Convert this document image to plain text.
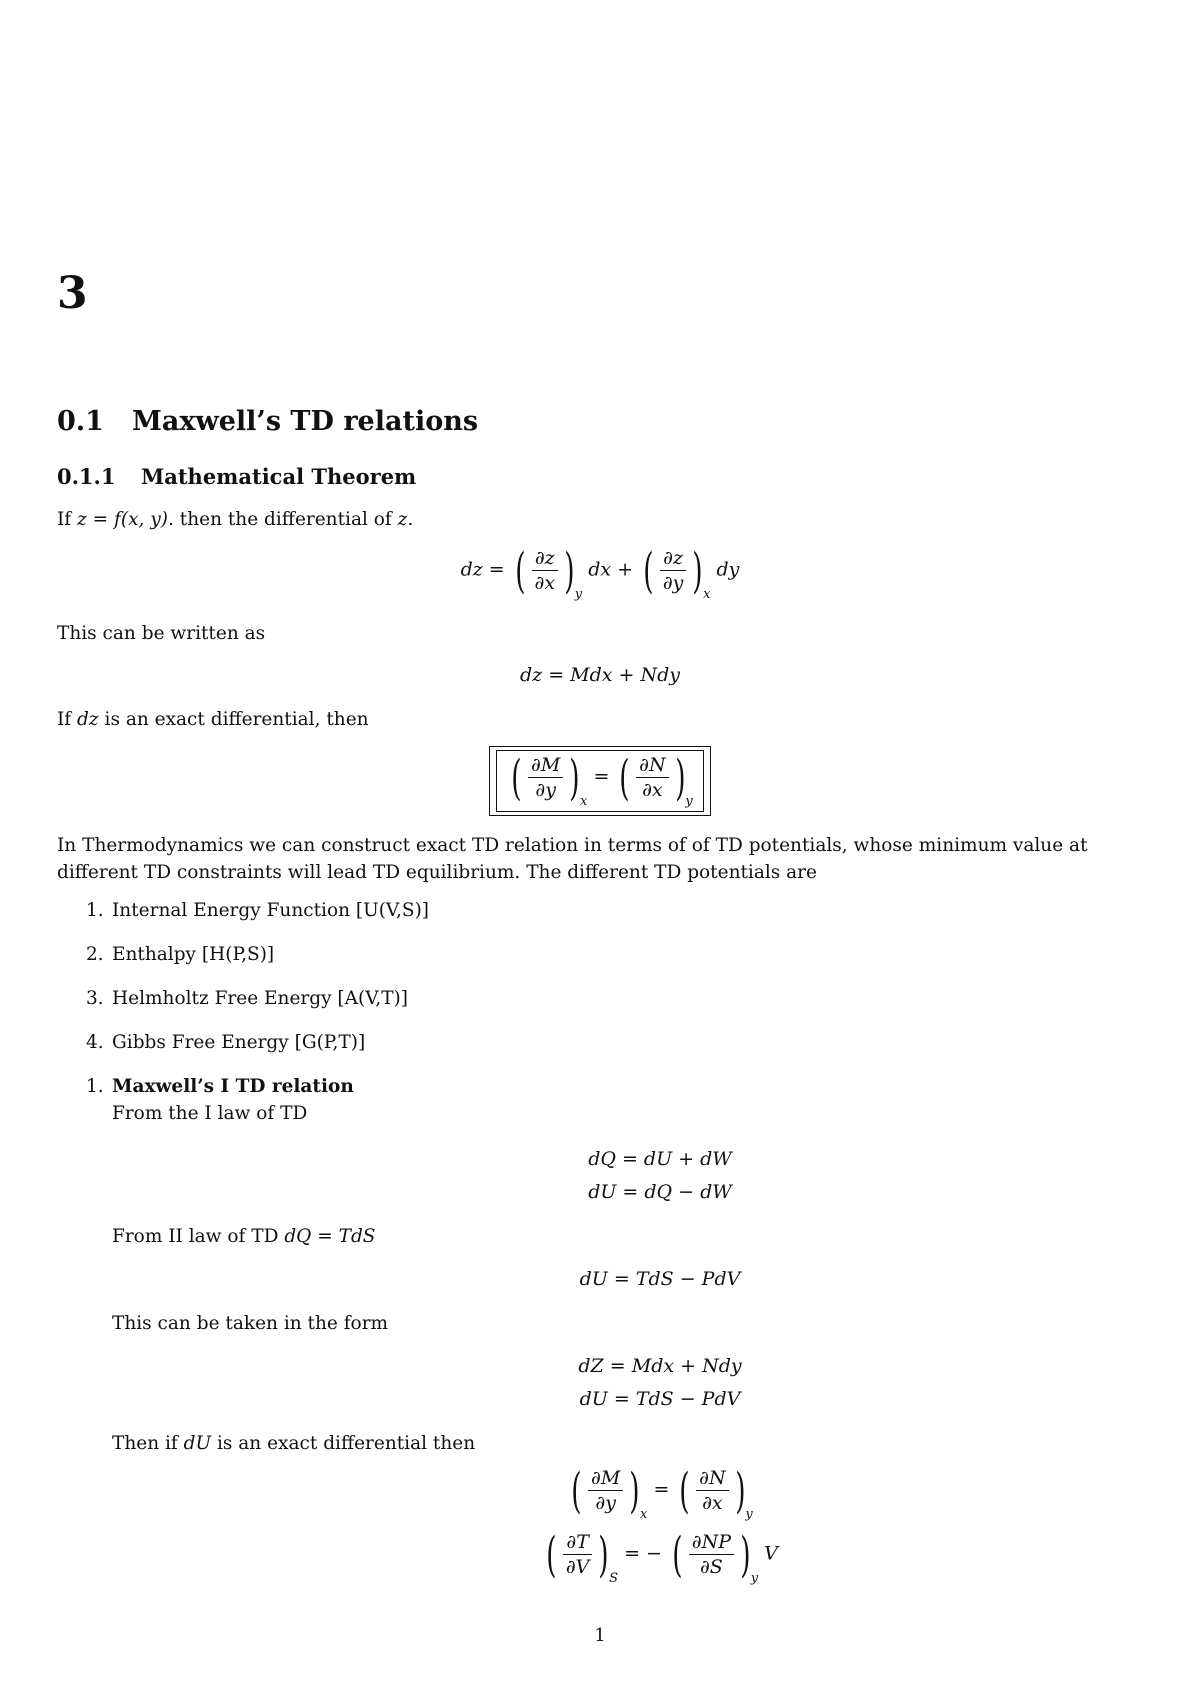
3
0.1 Maxwell’s TD relations
0.1.1 Mathematical Theorem
If z = f(x, y). then the differential of z.
dz = ( $\frac{\partial z}{\partial x} )_y$ dx + ( $\frac{\partial z}{\partial y} )_x$ dy
This can be written as
dz = Mdx + Ndy
If dz is an exact differential, then
( $\frac{\partial M}{\partial y} )_x$ = ( $\frac{\partial N}{\partial x} )_y$
In Thermodynamics we can construct exact TD relation in terms of of TD potentials, whose minimum value at
different TD constraints will lead TD equilibrium. The different TD potentials are
1. Internal Energy Function [U(V,S)]
2. Enthalpy [H(P,S)]
3. Helmholtz Free Energy [A(V,T)]
4. Gibbs Free Energy [G(P,T)]
1. Maxwell’s I TD relation
From the I law of TD
dQ = dU + dW
dU = dQ − dW
From II law of TD dQ = TdS
dU = TdS − PdV
This can be taken in the form
dZ = Mdx + Ndy
dU = TdS − PdV
Then if dU is an exact differential then
( $\frac{\partial M}{\partial y} )_x$ = ( $\frac{\partial N}{\partial x} )_y$
( $\frac{\partial T}{\partial V} )_S$ = − ( $\frac{\partial NP}{\partial S} )_y$ V
1
